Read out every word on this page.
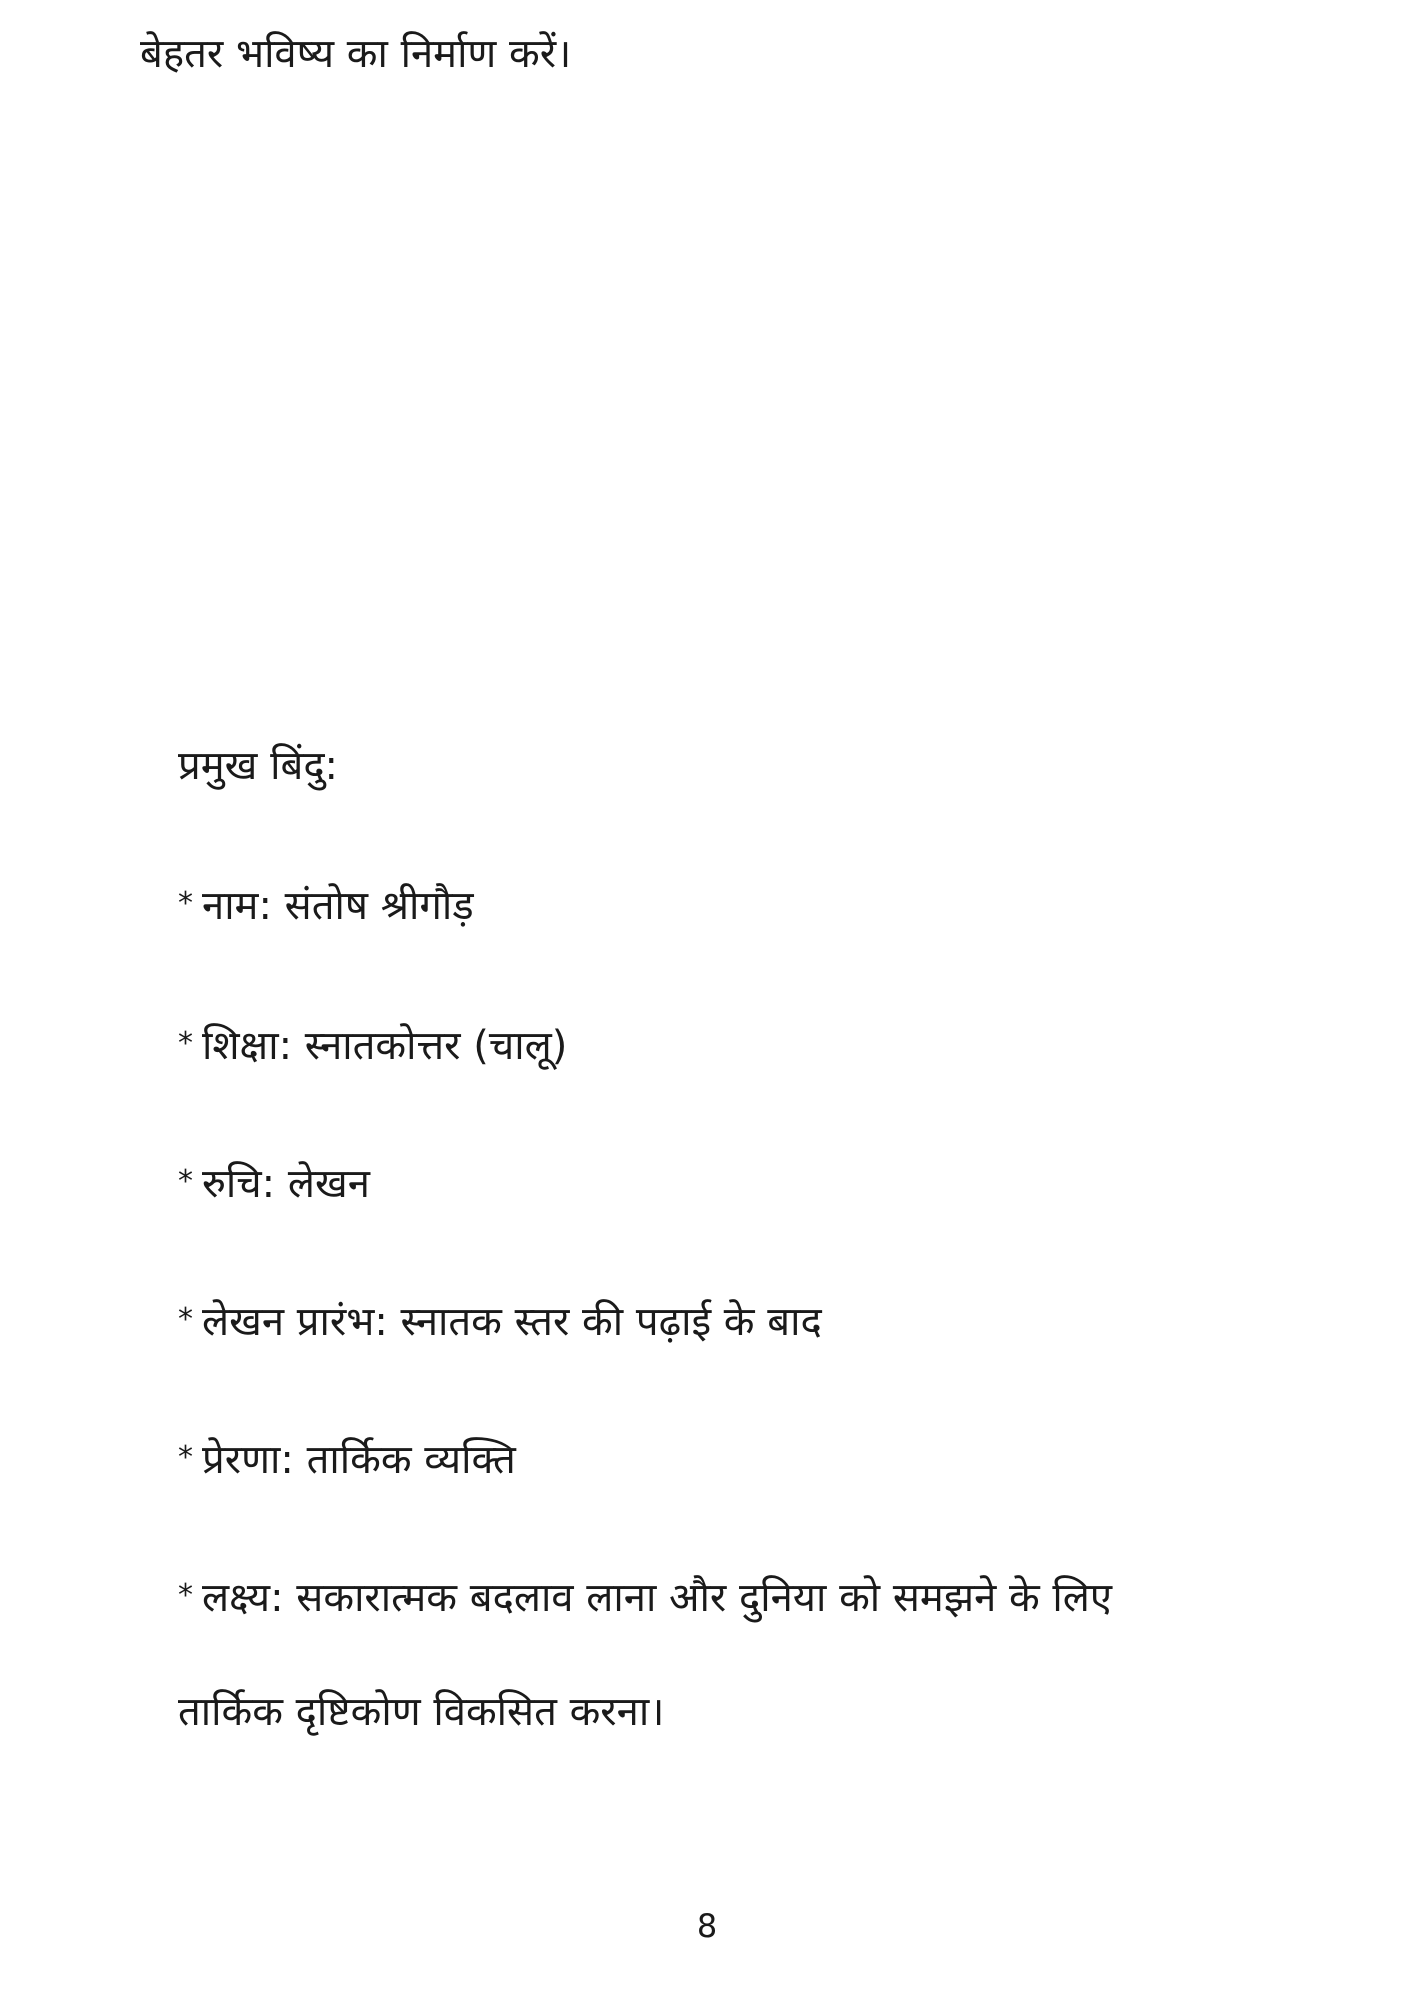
बेहतर भविष्य का निर्माण करें।
प्रमुख बिंदु:
* नाम: संतोष श्रीगौड़
* शिक्षा: स्नातकोत्तर (चालू)
* रुचि: लेखन
* लेखन प्रारंभ: स्नातक स्तर की पढ़ाई के बाद
* प्रेरणा: तार्किक व्यक्ति
* लक्ष्य: सकारात्मक बदलाव लाना और दुनिया को समझने के लिए
तार्किक दृष्टिकोण विकसित करना।
8
